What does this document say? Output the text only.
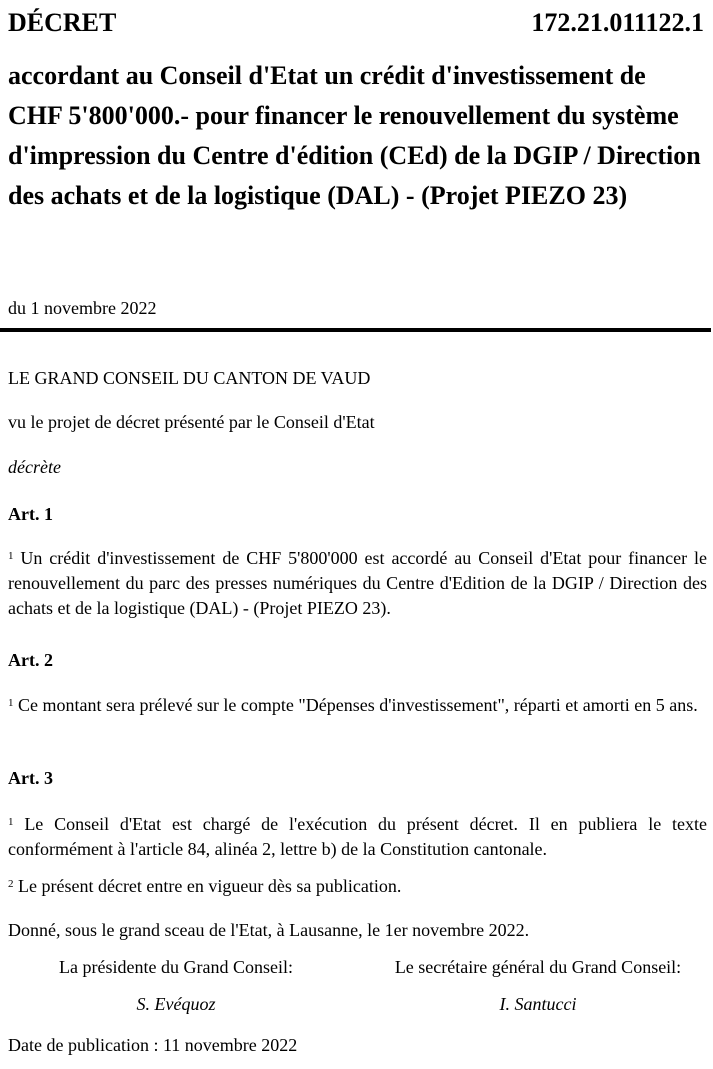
DÉCRET	172.21.011122.1
accordant au Conseil d'Etat un crédit d'investissement de CHF 5'800'000.- pour financer le renouvellement du système d'impression du Centre d'édition (CEd) de la DGIP / Direction des achats et de la logistique (DAL) - (Projet PIEZO 23)
du 1 novembre 2022
LE GRAND CONSEIL DU CANTON DE VAUD
vu le projet de décret présenté par le Conseil d'Etat
décrète
Art. 1
$^1$ Un crédit d'investissement de CHF 5'800'000 est accordé au Conseil d'Etat pour financer le renouvellement du parc des presses numériques du Centre d'Edition de la DGIP / Direction des achats et de la logistique (DAL) - (Projet PIEZO 23).
Art. 2
$^1$ Ce montant sera prélevé sur le compte "Dépenses d'investissement", réparti et amorti en 5 ans.
Art. 3
$^1$ Le Conseil d'Etat est chargé de l'exécution du présent décret. Il en publiera le texte conformément à l'article 84, alinéa 2, lettre b) de la Constitution cantonale.
$^2$ Le présent décret entre en vigueur dès sa publication.
Donné, sous le grand sceau de l'Etat, à Lausanne, le 1er novembre 2022.
La présidente du Grand Conseil:	Le secrétaire général du Grand Conseil:
S. Evéquoz	I. Santucci
Date de publication : 11 novembre 2022
